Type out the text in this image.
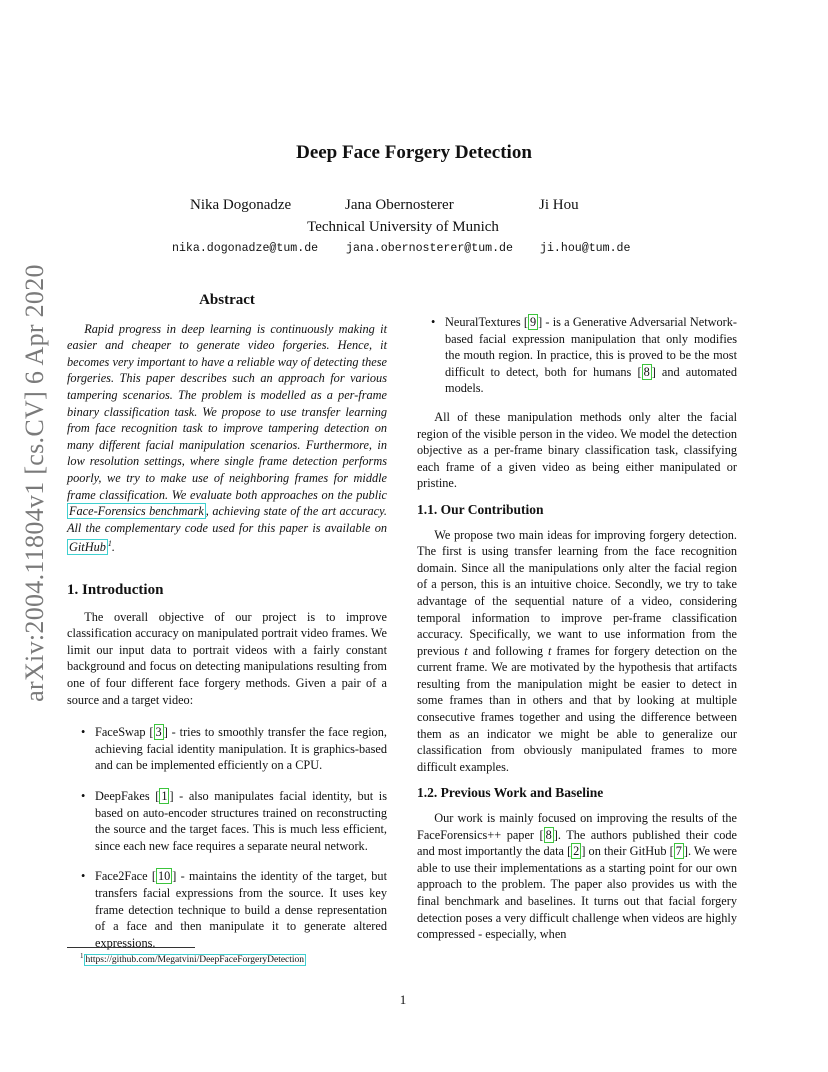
arXiv:2004.11804v1 [cs.CV] 6 Apr 2020
Deep Face Forgery Detection
Nika Dogonadze	Jana Obernosterer	Ji Hou
Technical University of Munich
nika.dogonadze@tum.de jana.obernosterer@tum.de ji.hou@tum.de
Abstract

Rapid progress in deep learning is continuously making it easier and cheaper to generate video forgeries. Hence, it becomes very important to have a reliable way of detecting these forgeries. This paper describes such an approach for various tampering scenarios. The problem is modelled as a per-frame binary classification task. We propose to use transfer learning from face recognition task to improve tampering detection on many different facial manipulation scenarios. Furthermore, in low resolution settings, where single frame detection performs poorly, we try to make use of neighboring frames for middle frame classification. We evaluate both approaches on the public Face-Forensics benchmark , achieving state of the art accuracy. All the complementary code used for this paper is available on GitHub $^1$.

1. Introduction

The overall objective of our project is to improve classification accuracy on manipulated portrait video frames. We limit our input data to portrait videos with a fairly constant background and focus on detecting manipulations resulting from one of four different face forgery methods. Given a pair of a source and a target video:

• FaceSwap [ 3 ] - tries to smoothly transfer the face region, achieving facial identity manipulation. It is graphics-based and can be implemented efficiently on a CPU.
• DeepFakes [ 1 ] - also manipulates facial identity, but is based on auto-encoder structures trained on reconstructing the source and the target faces. This is much less efficient, since each new face requires a separate neural network.
• Face2Face [ 10 ] - maintains the identity of the target, but transfers facial expressions from the source. It uses key frame detection technique to build a dense representation of a face and then manipulate it to generate altered expressions.
• NeuralTextures [ 9 ] - is a Generative Adversarial Network-based facial expression manipulation that only modifies the mouth region. In practice, this is proved to be the most difficult to detect, both for humans [ 8 ] and automated models.

All of these manipulation methods only alter the facial region of the visible person in the video. We model the detection objective as a per-frame binary classification task, classifying each frame of a given video as being either manipulated or pristine.

1.1. Our Contribution

We propose two main ideas for improving forgery detection. The first is using transfer learning from the face recognition domain. Since all the manipulations only alter the facial region of a person, this is an intuitive choice. Secondly, we try to take advantage of the sequential nature of a video, considering temporal information to improve per-frame classification accuracy. Specifically, we want to use information from the previous t and following t frames for forgery detection on the current frame. We are motivated by the hypothesis that artifacts resulting from the manipulation might be easier to detect in some frames than in others and that by looking at multiple consecutive frames together and using the difference between them as an indicator we might be able to generalize our classification from obviously manipulated frames to more difficult examples.

1.2. Previous Work and Baseline

Our work is mainly focused on improving the results of the FaceForensics++ paper [ 8 ]. The authors published their code and most importantly the data [ 2 ] on their GitHub [ 7 ]. We were able to use their implementations as a starting point for our own approach to the problem. The paper also provides us with the final benchmark and baselines. It turns out that facial forgery detection poses a very difficult challenge when videos are highly compressed - especially, when

$^1$ https://github.com/Megatvini/DeepFaceForgeryDetection
1
